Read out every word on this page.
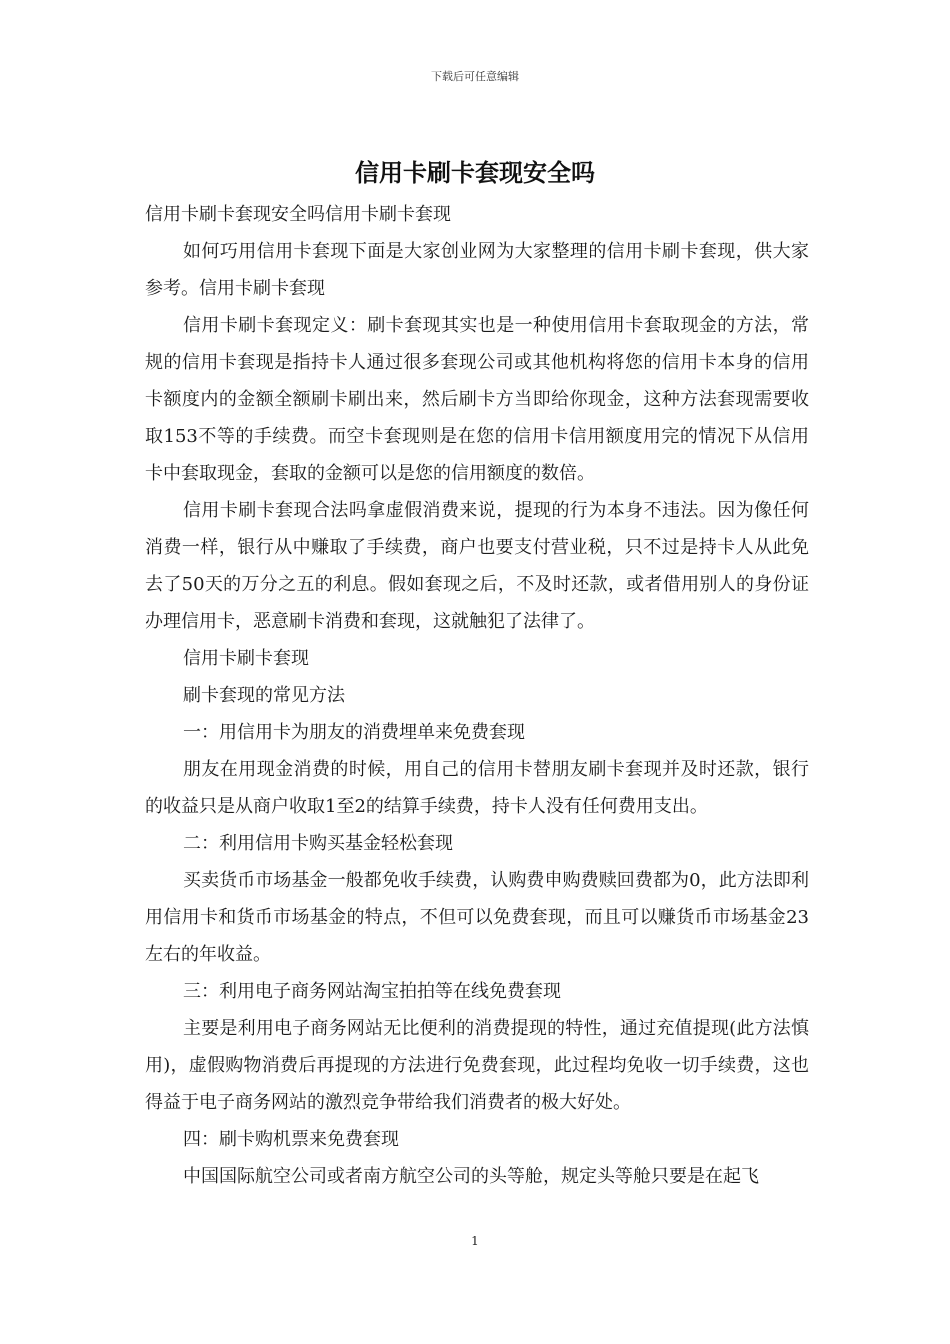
下载后可任意编辑
信用卡刷卡套现安全吗

信用卡刷卡套现安全吗信用卡刷卡套现

如何巧用信用卡套现下面是大家创业网为大家整理的信用卡刷卡套现，供大家参考。信用卡刷卡套现

信用卡刷卡套现定义：刷卡套现其实也是一种使用信用卡套取现金的方法，常规的信用卡套现是指持卡人通过很多套现公司或其他机构将您的信用卡本身的信用卡额度内的金额全额刷卡刷出来，然后刷卡方当即给你现金，这种方法套现需要收取153不等的手续费。而空卡套现则是在您的信用卡信用额度用完的情况下从信用卡中套取现金，套取的金额可以是您的信用额度的数倍。

信用卡刷卡套现合法吗拿虚假消费来说，提现的行为本身不违法。因为像任何消费一样，银行从中赚取了手续费，商户也要支付营业税，只不过是持卡人从此免去了50天的万分之五的利息。假如套现之后，不及时还款，或者借用别人的身份证办理信用卡，恶意刷卡消费和套现，这就触犯了法律了。

信用卡刷卡套现

刷卡套现的常见方法

一：用信用卡为朋友的消费埋单来免费套现

朋友在用现金消费的时候，用自己的信用卡替朋友刷卡套现并及时还款，银行的收益只是从商户收取1至2的结算手续费，持卡人没有任何费用支出。

二：利用信用卡购买基金轻松套现

买卖货币市场基金一般都免收手续费，认购费申购费赎回费都为0，此方法即利用信用卡和货币市场基金的特点，不但可以免费套现，而且可以赚货币市场基金23左右的年收益。

三：利用电子商务网站淘宝拍拍等在线免费套现

主要是利用电子商务网站无比便利的消费提现的特性，通过充值提现(此方法慎用)，虚假购物消费后再提现的方法进行免费套现，此过程均免收一切手续费，这也得益于电子商务网站的激烈竞争带给我们消费者的极大好处。

四：刷卡购机票来免费套现

中国国际航空公司或者南方航空公司的头等舱，规定头等舱只要是在起飞

1
